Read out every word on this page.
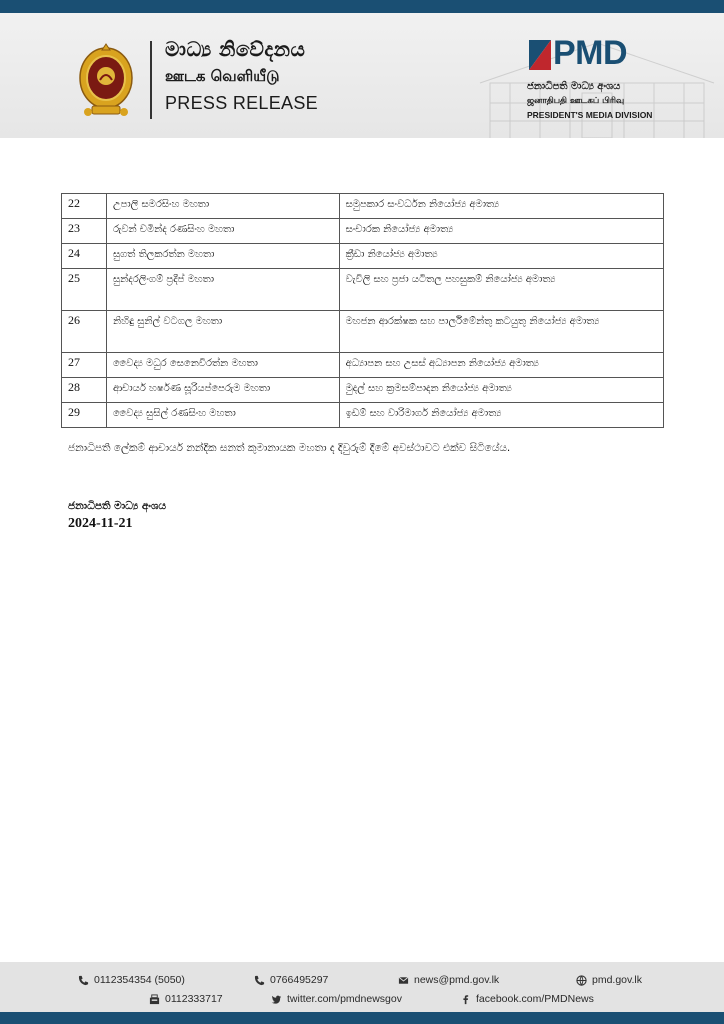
මාධ්‍ය නිවේදනය
ஊடக வெளியீடு
PRESS RELEASE
PMD
ජනාධිපති මාධ්‍ය අංශය
ஜனாதிபதி ஊடகப் பிரிவு
PRESIDENT'S MEDIA DIVISION
22	උපාලි සමරසිංහ මහතා	සමුපකාර සංවර්ධන නියෝජ්‍ය අමාත්‍ය
23	රුවන් චමින්ද රණසිංහ මහතා	සංචාරක නියෝජ්‍ය අමාත්‍ය
24	සුගත් තිලකරත්න මහතා	ක්‍රීඩා නියෝජ්‍ය අමාත්‍ය
25	සුන්දරලිංගම් ප්‍රදීප් මහතා	වැවිලි සහ ප්‍රජා යටිතල පහසුකම් නියෝජ්‍ය අමාත්‍ය
26	නිහිඳු සුනිල් වටගල මහතා	මහජන ආරක්ෂක සහ පාර්ලිමේන්තු කටයුතු නියෝජ්‍ය අමාත්‍ය
27	වෛද්‍ය මධුර සෙනෙවිරත්න මහතා	අධ්‍යාපන සහ උසස් අධ්‍යාපන නියෝජ්‍ය අමාත්‍ය
28	ආචාර්ය හර්ෂණ සූරියප්පෙරුම මහතා	මුදල් සහ ක්‍රමසම්පාදන නියෝජ්‍ය අමාත්‍ය
29	වෛද්‍ය සුසිල් රණසිංහ මහතා	ඉඩම් සහ වාරිමාර්ග නියෝජ්‍ය අමාත්‍ය
ජනාධිපති ලේකම් ආචාර්ය නන්දික සනත් කුමානායක මහතා ද දිවුරුම් දීමේ අවස්ථාවට එක්ව සිටියේය.
ජනාධිපති මාධ්‍ය අංශය
2024-11-21
0112354354 (5050)	0766495297	news@pmd.gov.lk	pmd.gov.lk
0112333717	twitter.com/pmdnewsgov	facebook.com/PMDNews
